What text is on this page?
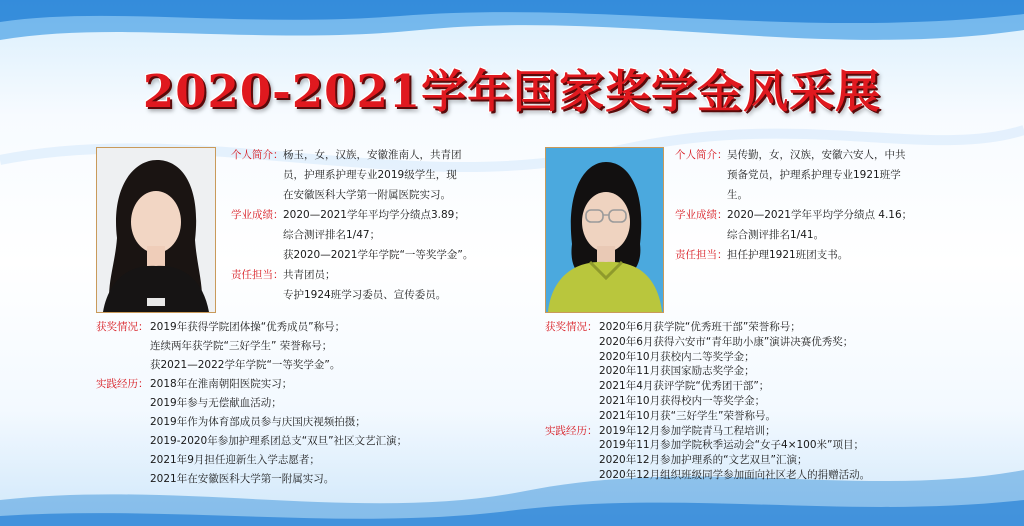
2020-2021学年国家奖学金风采展
个人简介： 杨玉，女，汉族，安徽淮南人，共青团
员，护理系护理专业2019级学生，现
在安徽医科大学第一附属医院实习。
学业成绩： 2020—2021学年平均学分绩点3.89；
综合测评排名1/47；
获2020—2021学年学院“一等奖学金”。
责任担当： 共青团员；
专护1924班学习委员、宣传委员。
获奖情况： 2019年获得学院团体操“优秀成员”称号；
连续两年获学院“三好学生” 荣誉称号；
获2021—2022学年学院“一等奖学金”。
实践经历： 2018年在淮南朝阳医院实习；
2019年参与无偿献血活动；
2019年作为体育部成员参与庆国庆视频拍摄；
2019-2020年参加护理系团总支“双旦”社区文艺汇演；
2021年9月担任迎新生入学志愿者；
2021年在安徽医科大学第一附属实习。
个人简介： 吴传勤，女，汉族，安徽六安人，中共
预备党员，护理系护理专业1921班学
生。
学业成绩： 2020—2021学年平均学分绩点 4.16；
综合测评排名1/41。
责任担当： 担任护理1921班团支书。
获奖情况： 2020年6月获学院“优秀班干部”荣誉称号；
2020年6月获得六安市“青年助小康”演讲决赛优秀奖；
2020年10月获校内二等奖学金；
2020年11月获国家励志奖学金；
2021年4月获评学院“优秀团干部”；
2021年10月获得校内一等奖学金；
2021年10月获“三好学生”荣誉称号。
实践经历： 2019年12月参加学院青马工程培训；
2019年11月参加学院秋季运动会“女子4×100米”项目；
2020年12月参加护理系的“文艺双旦”汇演；
2020年12月组织班级同学参加面向社区老人的捐赠活动。
